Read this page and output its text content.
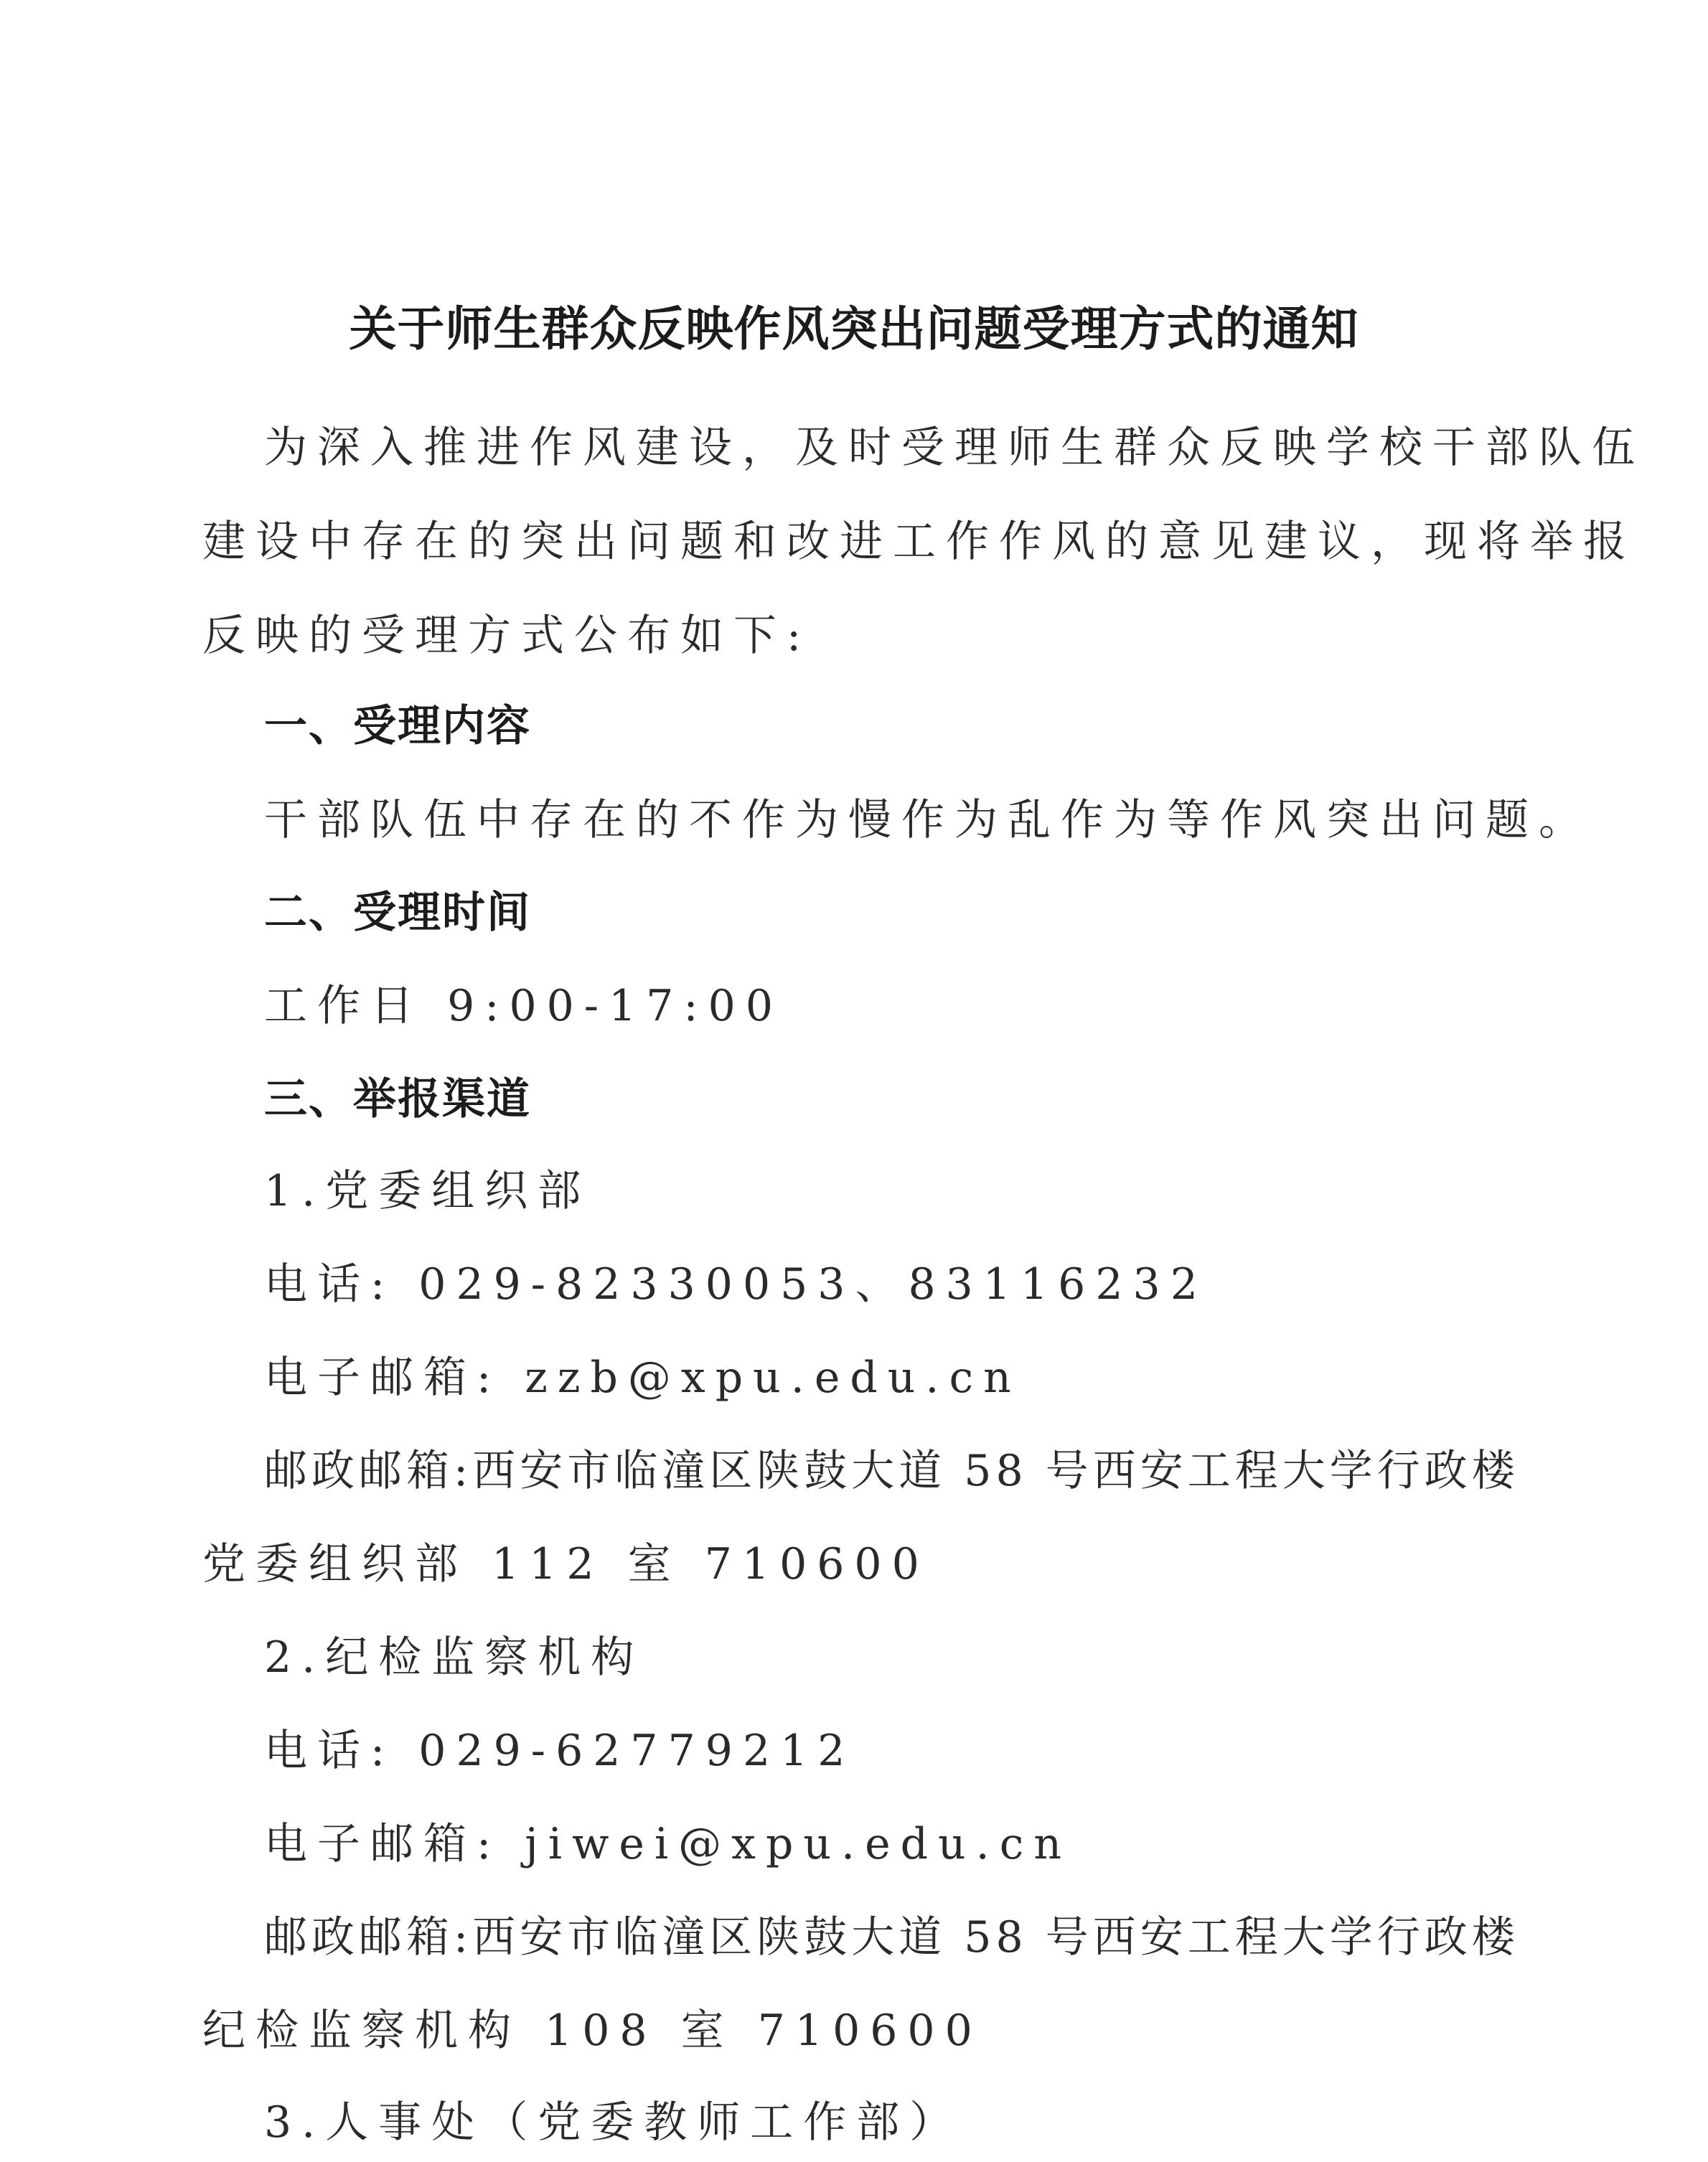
关于师生群众反映作风突出问题受理方式的通知
为深入推进作风建设，及时受理师生群众反映学校干部队伍
建设中存在的突出问题和改进工作作风的意见建议，现将举报
反映的受理方式公布如下:
一、受理内容
干部队伍中存在的不作为慢作为乱作为等作风突出问题。
二、受理时间
工作日 9:00-17:00
三、举报渠道
1.党委组织部
电话: 029-82330053、83116232
电子邮箱: zzb@xpu.edu.cn
邮政邮箱:西安市临潼区陕鼓大道 58 号西安工程大学行政楼
党委组织部 112 室 710600
2.纪检监察机构
电话: 029-62779212
电子邮箱: jiwei@xpu.edu.cn
邮政邮箱:西安市临潼区陕鼓大道 58 号西安工程大学行政楼
纪检监察机构 108 室 710600
3.人事处（党委教师工作部）
